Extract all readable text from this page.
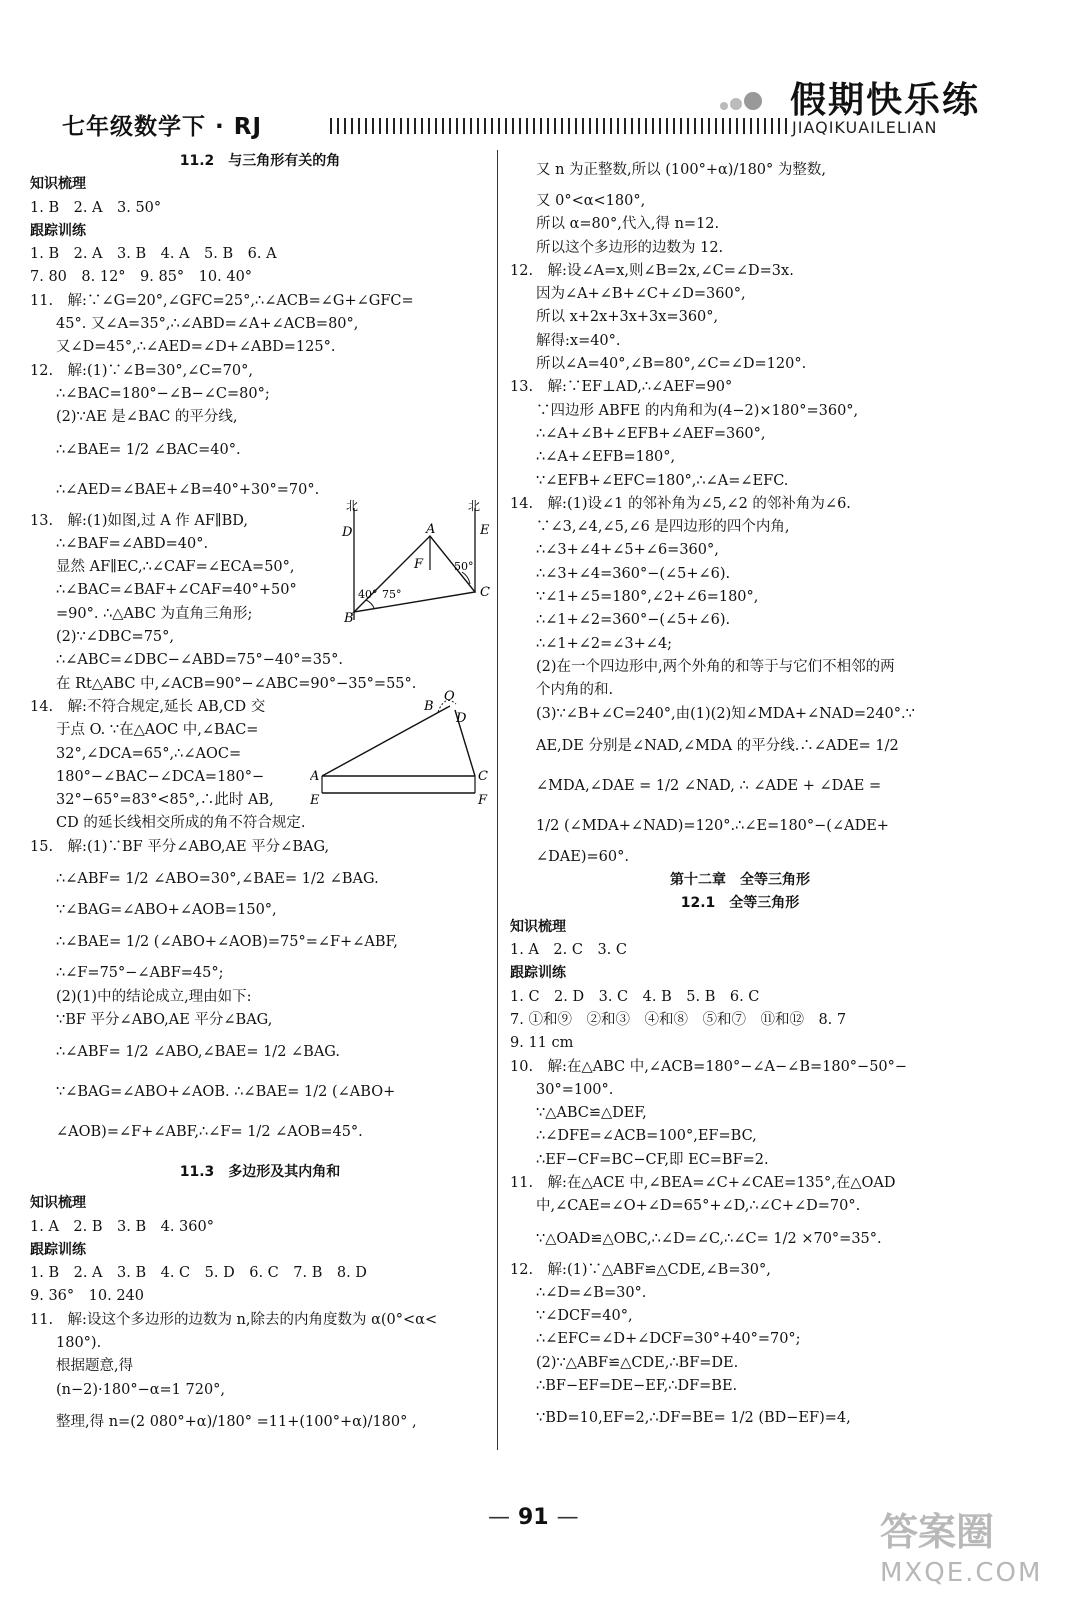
七年级数学下 · RJ
假期快乐练
JIAQIKUAILELIAN
11.2　与三角形有关的角
知识梳理
1. B　2. A　3. 50°
跟踪训练
1. B　2. A　3. B　4. A　5. B　6. A
7. 80　8. 12°　9. 85°　10. 40°
11.　解:∵∠G=20°,∠GFC=25°,∴∠ACB=∠G+∠GFC=
45°. 又∠A=35°,∴∠ABD=∠A+∠ACB=80°,
又∠D=45°,∴∠AED=∠D+∠ABD=125°.
12.　解:(1)∵∠B=30°,∠C=70°,
∴∠BAC=180°−∠B−∠C=80°;
(2)∵AE 是∠BAC 的平分线,
∴∠BAE= 1/2 ∠BAC=40°.
∴∠AED=∠BAE+∠B=40°+30°=70°.
13.　解:(1)如图,过 A 作 AF∥BD,
∴∠BAF=∠ABD=40°.
显然 AF∥EC,∴∠CAF=∠ECA=50°,
∴∠BAC=∠BAF+∠CAF=40°+50°
=90°. ∴△ABC 为直角三角形;
(2)∵∠DBC=75°,
∴∠ABC=∠DBC−∠ABD=75°−40°=35°.
在 Rt△ABC 中,∠ACB=90°−∠ABC=90°−35°=55°.
14.　解:不符合规定,延长 AB,CD 交
于点 O. ∵在△AOC 中,∠BAC=
32°,∠DCA=65°,∴∠AOC=
180°−∠BAC−∠DCA=180°−
32°−65°=83°<85°,∴此时 AB,
CD 的延长线相交所成的角不符合规定.
15.　解:(1)∵BF 平分∠ABO,AE 平分∠BAG,
∴∠ABF= 1/2 ∠ABO=30°,∠BAE= 1/2 ∠BAG.
∵∠BAG=∠ABO+∠AOB=150°,
∴∠BAE= 1/2 (∠ABO+∠AOB)=75°=∠F+∠ABF,
∴∠F=75°−∠ABF=45°;
(2)(1)中的结论成立,理由如下:
∵BF 平分∠ABO,AE 平分∠BAG,
∴∠ABF= 1/2 ∠ABO,∠BAE= 1/2 ∠BAG.
∵∠BAG=∠ABO+∠AOB. ∴∠BAE= 1/2 (∠ABO+
∠AOB)=∠F+∠ABF,∴∠F= 1/2 ∠AOB=45°.
11.3　多边形及其内角和
知识梳理
1. A　2. B　3. B　4. 360°
跟踪训练
1. B　2. A　3. B　4. C　5. D　6. C　7. B　8. D
9. 36°　10. 240
11.　解:设这个多边形的边数为 n,除去的内角度数为 α(0°<α<
180°).
根据题意,得
(n−2)·180°−α=1 720°,
整理,得 n=(2 080°+α)/180° =11+(100°+α)/180° ,
又 n 为正整数,所以 (100°+α)/180° 为整数,
又 0°<α<180°,
所以 α=80°,代入,得 n=12.
所以这个多边形的边数为 12.
12.　解:设∠A=x,则∠B=2x,∠C=∠D=3x.
因为∠A+∠B+∠C+∠D=360°,
所以 x+2x+3x+3x=360°,
解得:x=40°.
所以∠A=40°,∠B=80°,∠C=∠D=120°.
13.　解:∵EF⊥AD,∴∠AEF=90°
∵四边形 ABFE 的内角和为(4−2)×180°=360°,
∴∠A+∠B+∠EFB+∠AEF=360°,
∴∠A+∠EFB=180°,
∵∠EFB+∠EFC=180°,∴∠A=∠EFC.
14.　解:(1)设∠1 的邻补角为∠5,∠2 的邻补角为∠6.
∵∠3,∠4,∠5,∠6 是四边形的四个内角,
∴∠3+∠4+∠5+∠6=360°,
∴∠3+∠4=360°−(∠5+∠6).
∵∠1+∠5=180°,∠2+∠6=180°,
∴∠1+∠2=360°−(∠5+∠6).
∴∠1+∠2=∠3+∠4;
(2)在一个四边形中,两个外角的和等于与它们不相邻的两
个内角的和.
(3)∵∠B+∠C=240°,由(1)(2)知∠MDA+∠NAD=240°.∵
AE,DE 分别是∠NAD,∠MDA 的平分线.∴∠ADE= 1/2
∠MDA,∠DAE = 1/2 ∠NAD, ∴ ∠ADE + ∠DAE =
1/2 (∠MDA+∠NAD)=120°.∴∠E=180°−(∠ADE+
∠DAE)=60°.
第十二章　全等三角形
12.1　全等三角形
知识梳理
1. A　2. C　3. C
跟踪训练
1. C　2. D　3. C　4. B　5. B　6. C
7. ①和⑨　②和③　④和⑧　⑤和⑦　⑪和⑫　8. 7
9. 11 cm
10.　解:在△ABC 中,∠ACB=180°−∠A−∠B=180°−50°−
30°=100°.
∵△ABC≌△DEF,
∴∠DFE=∠ACB=100°,EF=BC,
∴EF−CF=BC−CF,即 EC=BF=2.
11.　解:在△ACE 中,∠BEA=∠C+∠CAE=135°,在△OAD
中,∠CAE=∠O+∠D=65°+∠D,∴∠C+∠D=70°.
∵△OAD≌△OBC,∴∠D=∠C,∴∠C= 1/2 ×70°=35°.
12.　解:(1)∵△ABF≌△CDE,∠B=30°,
∴∠D=∠B=30°.
∵∠DCF=40°,
∴∠EFC=∠D+∠DCF=30°+40°=70°;
(2)∵△ABF≌△CDE,∴BF=DE.
∴BF−EF=DE−EF,∴DF=BE.
∵BD=10,EF=2,∴DF=BE= 1/2 (BD−EF)=4,
北	北
D	E
A
F
B
C
40° 75°
50°
O
B
D
A	C
E	F
— 91 —	答案圈
MXQE.COM
